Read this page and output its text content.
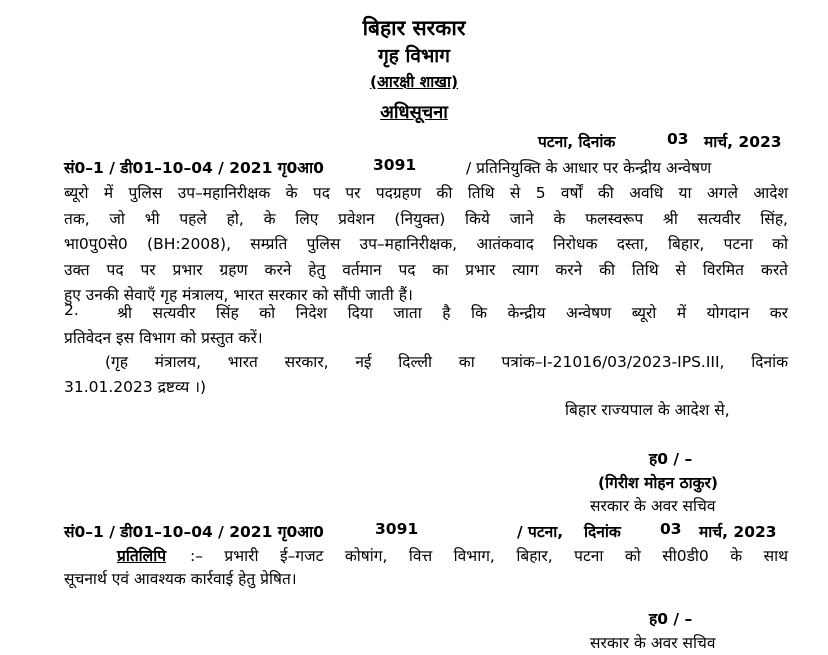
बिहार सरकार
गृह विभाग
(आरक्षी शाखा)
अधिसूचना
पटना, दिनांक	03 मार्च, 2023
सं0–1 / डी01–10–04 / 2021 गृ0आ0	3091	/ प्रतिनियुक्ति के आधार पर केन्द्रीय अन्वेषण
ब्यूरो में पुलिस उप–महानिरीक्षक के पद पर पदग्रहण की तिथि से 5 वर्षों की अवधि या अगले आदेश
तक, जो भी पहले हो, के लिए प्रवेशन (नियुक्त) किये जाने के फलस्वरूप श्री सत्यवीर सिंह,
भा0पु0से0 (BH:2008), सम्प्रति पुलिस उप–महानिरीक्षक, आतंकवाद निरोधक दस्ता, बिहार, पटना को
उक्त पद पर प्रभार ग्रहण करने हेतु वर्तमान पद का प्रभार त्याग करने की तिथि से विरमित करते
हुए उनकी सेवाएँ गृह मंत्रालय, भारत सरकार को सौंपी जाती हैं।
2. श्री सत्यवीर सिंह को निदेश दिया जाता है कि केन्द्रीय अन्वेषण ब्यूरो में योगदान कर
प्रतिवेदन इस विभाग को प्रस्तुत करें।
(गृह मंत्रालय, भारत सरकार, नई दिल्ली का पत्रांक–I-21016/03/2023-IPS.III, दिनांक
31.01.2023 द्रष्टव्य ।)
बिहार राज्यपाल के आदेश से,
ह0 / –
(गिरीश मोहन ठाकुर)
सरकार के अवर सचिव
सं0–1 / डी01–10–04 / 2021 गृ0आ0	3091	/ पटना, दिनांक	03 मार्च, 2023
प्रतिलिपि :– प्रभारी ई–गजट कोषांग, वित्त विभाग, बिहार, पटना को सी0डी0 के साथ
सूचनार्थ एवं आवश्यक कार्रवाई हेतु प्रेषित।
ह0 / –
सरकार के अवर सचिव
